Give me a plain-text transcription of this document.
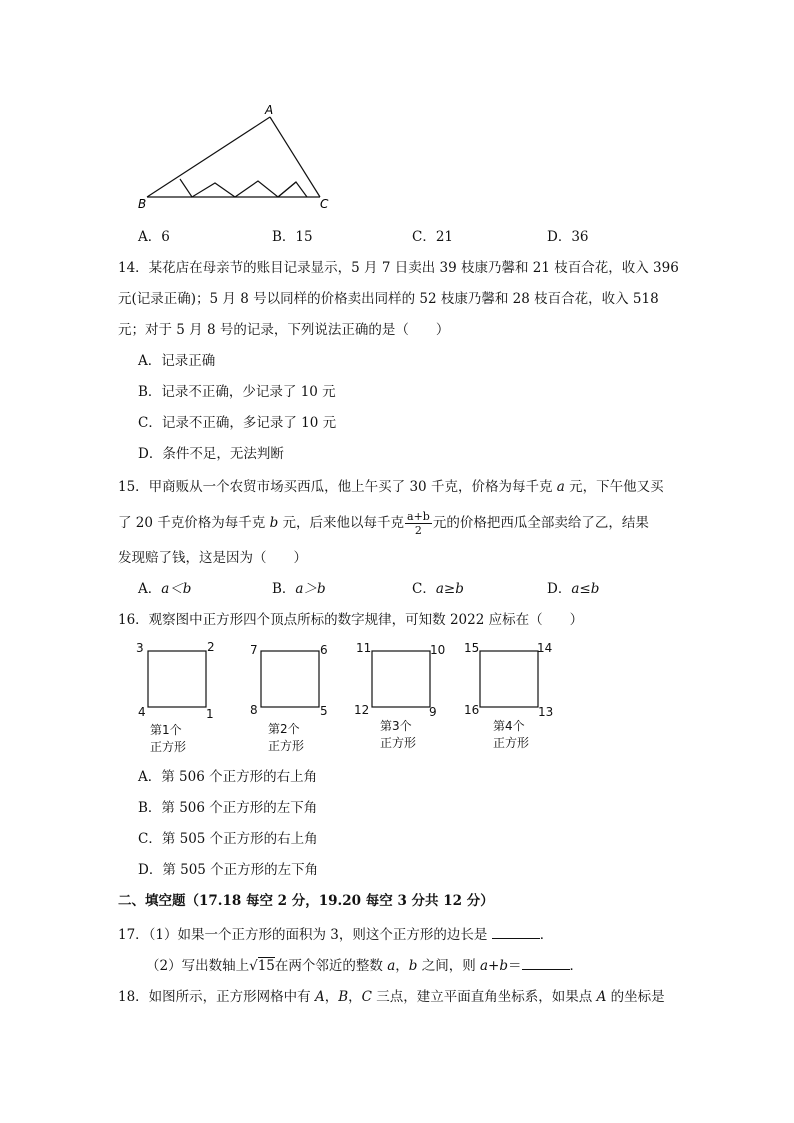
A
B	C
A．6	B．15	C．21	D．36
14．某花店在母亲节的账目记录显示，5 月 7 日卖出 39 枝康乃馨和 21 枝百合花，收入 396
元(记录正确)；5 月 8 号以同样的价格卖出同样的 52 枝康乃馨和 28 枝百合花，收入 518
元；对于 5 月 8 号的记录，下列说法正确的是（　　）
A．记录正确
B．记录不正确，少记录了 10 元
C．记录不正确，多记录了 10 元
D．条件不足，无法判断
15．甲商贩从一个农贸市场买西瓜，他上午买了 30 千克，价格为每千克 a 元，下午他又买
了 20 千克价格为每千克 b 元，后来他以每千克 $\frac{a+b}{2}$ 元的价格把西瓜全部卖给了乙，结果
发现赔了钱，这是因为（　　）
A．a＜b	B．a＞b	C．a≥b	D．a≤b
16．观察图中正方形四个顶点所标的数字规律，可知数 2022 应标在（　　）
3	2
4	1
7	6
8	5
11	10
12	9
15	14
16	13
第1个
正方形
第2个
正方形
第3个
正方形
第4个
正方形
A．第 506 个正方形的右上角
B．第 506 个正方形的左下角
C．第 505 个正方形的右上角
D．第 505 个正方形的左下角
二、填空题（17.18 每空 2 分，19.20 每空 3 分共 12 分）
17．（1）如果一个正方形的面积为 3，则这个正方形的边长是	．
（2）写出数轴上√15在两个邻近的整数 a，b 之间，则 a+b＝	．
18．如图所示，正方形网格中有 A，B，C 三点，建立平面直角坐标系，如果点 A 的坐标是
